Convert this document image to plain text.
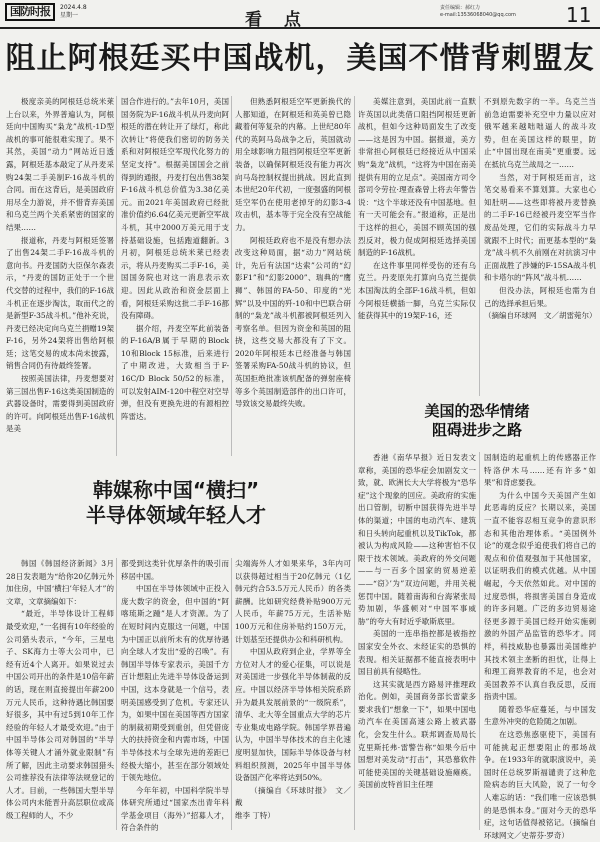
国防时报	2024.4.8
星期一	看 点
责任编辑：郝红力
e-mail:13536068040@qq.com	11
阻止阿根廷买中国战机，美国不惜背刺盟友

极度亲美的阿根廷总统米莱上台以来，外界普遍认为，阿根廷向中国购买“枭龙”战机-1D型战机的事可能很难实现了。果不其然，美国“动力”网站近日透露，阿根廷基本敲定了从丹麦采购24架二手美制F-16战斗机的合同。而在这背后，是美国政府用尽全力游说，并不惜背弃美国和乌克兰两个关系紧密的国家的结果……

报道称，丹麦与阿根廷签署了出售24架二手F-16战斗机的意向书。丹麦国防大臣保尔森表示，“丹麦的国防正处于一个世代交替的过程中，我们的F-16战斗机正在逐步淘汰，取而代之的是新型F-35战斗机。”他补充说，丹麦已经决定向乌克兰捐赠19架F-16，另外24架将出售给阿根廷；这笔交易的成本尚未披露，销售合同仍有待最终签署。

按照美国法律，丹麦想要对第三国出售F-16这类美国制造的武器设备时，需要得到美国政府的许可。向阿根廷出售F-16战机是美

国合作进行的。”去年10月，美国国务院为F-16战斗机从丹麦向阿根廷的潜在转让开了绿灯，称此次转让“将使我们密切的防务关系和对阿根廷空军现代化努力的坚定支持”。根据美国国会之前得到的通报，丹麦打包出售38架F-16战斗机总价值为3.38亿美元。而2021年美国政府已经批准价值约6.64亿美元更新空军战斗机，其中2000万美元用于支持基础设施，包括跑道翻新。3月初，阿根廷总统米莱已经表示，将从丹麦购买二手F-16，美国国务院也对这一消息表示欢迎。因此从政治和资金层面上看，阿根廷采购这批二手F-16都没有障碍。

据介绍，丹麦空军此前装备的F-16A/B属于早期的Block 10和Block 15标准，后来进行了中期改进，大致相当于F-16C/D Block 50/52的标准，可以发射AIM-120中程空对空导弹，但没有更换先进的有源相控阵雷达。

但熟悉阿根廷空军更新换代的人都知道，在阿根廷和英美曾已隐藏着何等复杂的内幕。上世纪80年代的英阿马岛战争之后，英国就动用全球影响力阻挡阿根廷空军更新装备，以确保阿根廷没有能力再次向马岛控制权提出挑战。因此直到本世纪20年代初，一度强盛的阿根廷空军仍在使用老掉牙的幻影3-4攻击机，基本等于完全没有空战能力。

阿根廷政府也不是没有想办法改变这种局面，据“动力”网站统计，先后有法国“达索”公司的“幻影F1”和“幻影2000”、瑞典的“鹰狮”、韩国的FA-50、印度的“光辉”以及中国的歼-10和中巴联合研制的“枭龙”战斗机都被阿根廷列入考察名单。但因为资金和英国的阻挠，这些交易大都没有了下文。2020年阿根廷本已经准备与韩国签署采购FA-50战斗机的协议，但英国拒绝批准该机配备的弹射座椅等多个英国制造部件的出口许可，导致该交易最终失败。

美媒注意到，美国此前一直默许英国以此类借口阻挡阿根廷更新战机，但如今这种局面发生了改变——这是因为中国。据报道，美方非常担心阿根廷已经接近从中国采购“枭龙”战机，“这将为中国在南美提供有用的立足点”。美国南方司令部司令劳拉·理查森曾上将去年警告说：“这个半球还没有中国基地。但有一天可能会有。”报道称，正是出于这样的担心，美国不顾英国的强烈反对，极力促成阿根廷选择美国制造的F-16战机。

在这件事里同样受伤的还有乌克兰。丹麦原先打算向乌克兰提供本国淘汰的全部F-16战斗机，但如今阿根廷横插一脚，乌克兰实际仅能获得其中的19架F-16，还

不到原先数字的一半。乌克兰当前急迫需要补充空中力量以应对俄军越来越咄咄逼人的战斗攻势，但在美国这样的眼里，防止“中国出现在南美”更重要。远在抵抗乌克兰战局之一……

当然，对于阿根廷而言，这笔交易看来不算划算。大家也心知肚明——这些即将被丹麦替换的二手F-16已经被丹麦空军当作废品处理，它们的实际战斗力早就跟不上时代；而更基本型的“枭龙”战斗机不久前刚在对抗演习中正面战胜了涉嫌的F-15SA战斗机和卡塔尔的“阵风”战斗机……

但没办法，阿根廷也需为自己的选择承担后果。

（摘编自环球网　文／胡雷菀尔）

韩媒称中国“横扫”
半导体领域年轻人才

韩国《韩国经济新闻》3月28日发表题为“给你20亿韩元外加住房，中国‘横扫’年轻人才”的文章，文章摘编如下：

“最近，半导体设计工程师最受欢迎，”一名拥有10年经验的公司猎头表示，“今年，三星电子、SK海力士等大公司中，已经有近4个人离开。如果说过去中国公司开出的条件是10倍年薪的话，现在则直接提出年薪200万元人民币，这种待遇比韩国要好很多，其中有过5到10年工作经验的年轻人才最受欢迎。”由于中国半导体公司对韩国的“半导体等关键人才涌外就业限制”有所了解，因此主动要求韩国猎头公司推荐没有法律等法规登记的人才。目前，一些韩国大型半导体公司内未能晋升高层职位或高级工程师的人，不少

都受到这类针优厚条件的吸引而移居中国。

中国在半导体领域中正投入庞大数字的资金，但中国的“阿喀琉斯之踵”是人才资源。为了在短时间内克服这一问题，中国为中国正以前所未有的优厚待遇向全球人才发出“爱的召唤”。有韩国半导体专家表示，美国千方百计想阻止先进半导体设备运到中国，这本身就是一个信号，表明美国感受到了危机。专家还认为，如果中国在美国等西方国家的制裁初期受到重创，但凭借庞大的扶持资金和内需市场，中国半导体技术与全球先进的差距已经极大缩小，甚至在部分领域处于领先地位。

今年年初，中国科学院半导体研究所通过“国家杰出青年科学基金项目（海外）”招募人才，符合条件的

尖端海外人才如果来华，3年内可以获得超过相当于20亿韩元（1亿韩元约合53.5万元人民币）的各类薪酬。比如研究经费补贴900万元人民币，年薪75万元，生活补贴100万元和住房补贴约150万元，计划基至还提供办公和科研机构。

中国从政府到企业，学界等全方位对人才的爱心征集，可以说是对美国进一步强化半导体制裁的反应。中国以经济半导体相关院系跻升为最具发展前景的“一级院系”，清华、北大等全国重点大学的芯片专业集成电路学院。韩国学界普遍认为，中国半导体技术的自主化速度明显加快，国际半导体设备与材料组织预测，2025年中国半导体设备国产化率将达到50%。

（摘编自《环球时报》　文／戴

维李 丁特）

美国的恐华情绪
阻碍进步之路

香港《南华早报》近日发表文章称，美国的恐华症会加剧发文一致，就、欧洲长大大学将极为“恐华症”这个现象的回应。美政府的实施出口管制，切断中国获得先进半导体的渠道；中国的电动汽车、建筑和日头转向起重机以及TikTok，都被认为构成风险——这种害怕不仅限于技术领域。美政府的外交问题——与一百多个国家的贸易逆差——“窃》’为”双边问题，并用关税惩罚中国。随着南海和台海紧张局势加剧，华盛顿对“中国军事威胁”的夸大有时近乎歇斯底里。

美国的一连串指控都是被指控国家安全外衣、未经证实的恐惧的表现。相关证据都不能直接表明中国目前具有侵略性。

这其实就是西方路易评推理政治化。例如，美国商务部长雷蒙多要求我们“想象一下”，如果中国电动汽车在美国高速公路上被武器化，会发生什么。联邦调查局局长克里斯托弗·雷警告称“如果今后中国想对美发动“打击”，其恐慕软件可能使美国的关键基础设施瘫痪。美国前皮特首旧主任埋

国制造的起重机上的传感器正作特洛伊木马……还有许多“如果”和背虑要我。

为什么中国今天美国产生如此恶毒的反应？长期以来，美国一直不能容忍相互竞争的意识形态和其他治理体系。“美国例外论”的观念似乎追使我们将自己的观点和价值观强加于其他国家，以证明我们的模式优越。从中国崛起，今天依然如此。对中国的过度恐惧，将损害美国自身造成的许多问题。广泛的多边贸易途径更多源于美国已经开始实施刺激的外国产品监管的恐华才。同样，科技威胁也暴露出美国维护其技术领主垄断的担忧，让得上和理工商界教育的不足，也会对美国教养不认真自我反思，反而指责中国。

随着恐华症蔓延，与中国发生意外冲突的危险随之加剧。

在这恐焦惑驱使下，美国有可能挑起正想要阻止的那场战争。在1933年的就职演说中，美国时任总统罗斯福谴责了这种危险病态的巨大风险，说了一句令人难忘的话：“我们唯一应该恐惧的是恐惧本身。”面对今天的恐华症，这句话值得被铭记。（摘编自环球网文／史蒂芬·罗奇）
